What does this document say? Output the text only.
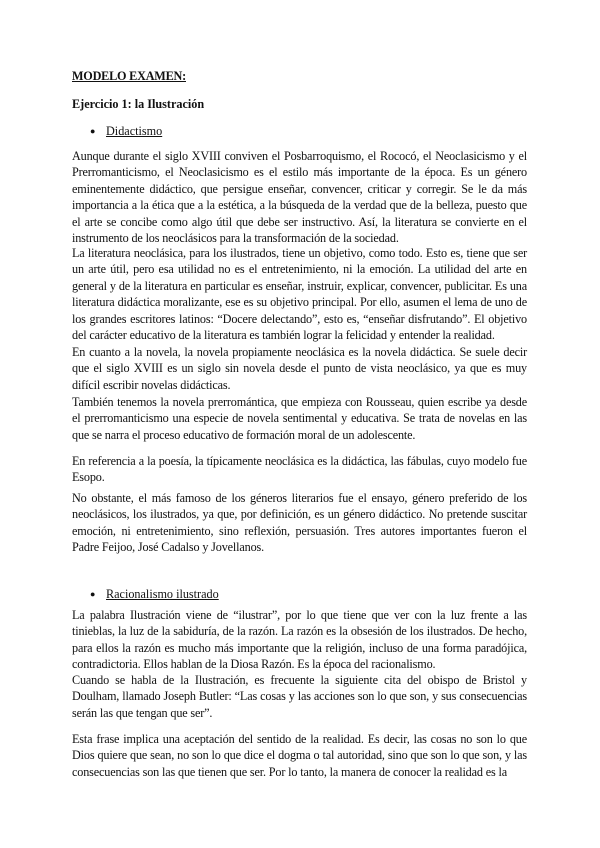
MODELO EXAMEN:
Ejercicio 1: la Ilustración
● Didactismo

Aunque durante el siglo XVIII conviven el Posbarroquismo, el Rococó, el Neoclasicismo y el Prerromanticismo, el Neoclasicismo es el estilo más importante de la época. Es un género eminentemente didáctico, que persigue enseñar, convencer, criticar y corregir. Se le da más importancia a la ética que a la estética, a la búsqueda de la verdad que de la belleza, puesto que el arte se concibe como algo útil que debe ser instructivo. Así, la literatura se convierte en el instrumento de los neoclásicos para la transformación de la sociedad.

La literatura neoclásica, para los ilustrados, tiene un objetivo, como todo. Esto es, tiene que ser un arte útil, pero esa utilidad no es el entretenimiento, ni la emoción. La utilidad del arte en general y de la literatura en particular es enseñar, instruir, explicar, convencer, publicitar. Es una literatura didáctica moralizante, ese es su objetivo principal. Por ello, asumen el lema de uno de los grandes escritores latinos: “Docere delectando”, esto es, “enseñar disfrutando”. El objetivo del carácter educativo de la literatura es también lograr la felicidad y entender la realidad.

En cuanto a la novela, la novela propiamente neoclásica es la novela didáctica. Se suele decir que el siglo XVIII es un siglo sin novela desde el punto de vista neoclásico, ya que es muy difícil escribir novelas didácticas.

También tenemos la novela prerromántica, que empieza con Rousseau, quien escribe ya desde el prerromanticismo una especie de novela sentimental y educativa. Se trata de novelas en las que se narra el proceso educativo de formación moral de un adolescente.

En referencia a la poesía, la típicamente neoclásica es la didáctica, las fábulas, cuyo modelo fue Esopo.

No obstante, el más famoso de los géneros literarios fue el ensayo, género preferido de los neoclásicos, los ilustrados, ya que, por definición, es un género didáctico. No pretende suscitar emoción, ni entretenimiento, sino reflexión, persuasión. Tres autores importantes fueron el Padre Feijoo, José Cadalso y Jovellanos.

● Racionalismo ilustrado

La palabra Ilustración viene de “ilustrar”, por lo que tiene que ver con la luz frente a las tinieblas, la luz de la sabiduría, de la razón. La razón es la obsesión de los ilustrados. De hecho, para ellos la razón es mucho más importante que la religión, incluso de una forma paradójica, contradictoria. Ellos hablan de la Diosa Razón. Es la época del racionalismo.

Cuando se habla de la Ilustración, es frecuente la siguiente cita del obispo de Bristol y Doulham, llamado Joseph Butler: “Las cosas y las acciones son lo que son, y sus consecuencias serán las que tengan que ser”.

Esta frase implica una aceptación del sentido de la realidad. Es decir, las cosas no son lo que Dios quiere que sean, no son lo que dice el dogma o tal autoridad, sino que son lo que son, y las consecuencias son las que tienen que ser. Por lo tanto, la manera de conocer la realidad es la
